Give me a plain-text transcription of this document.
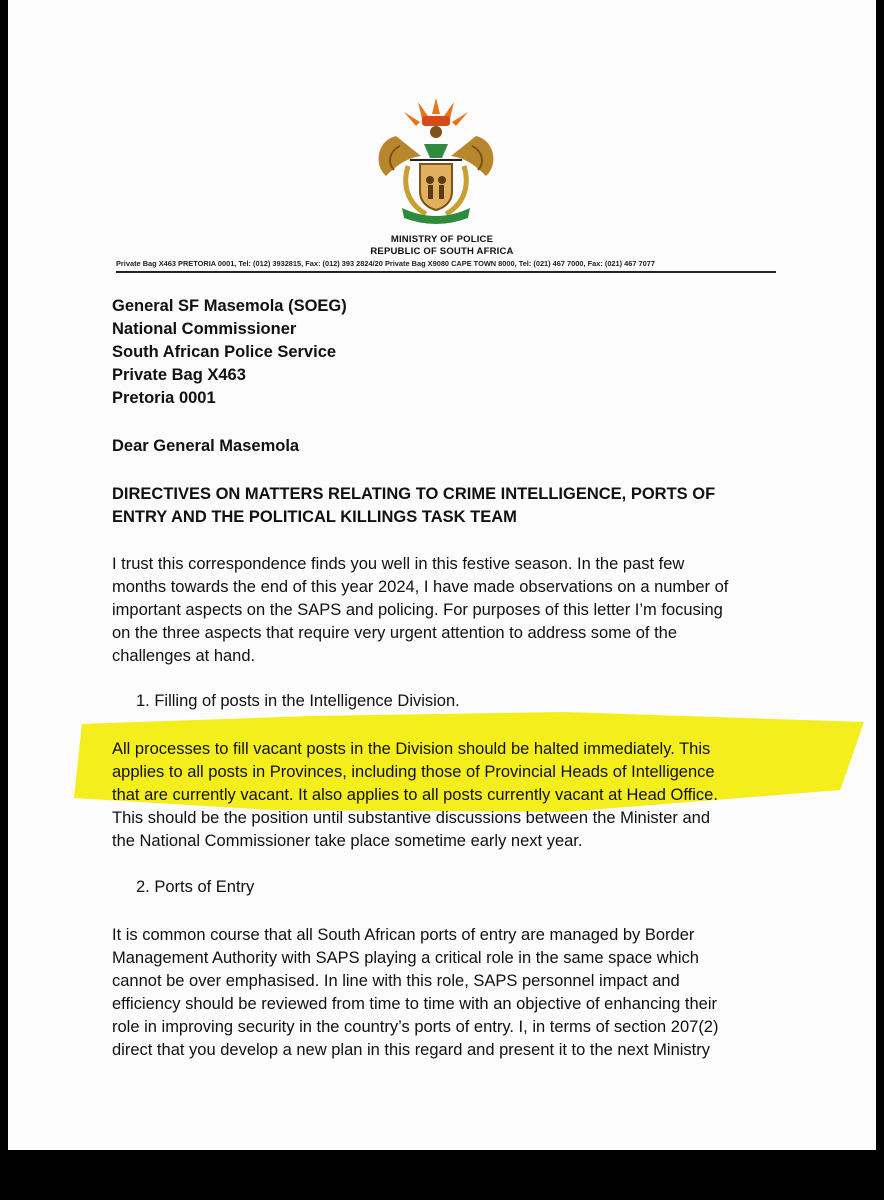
MINISTRY OF POLICE
REPUBLIC OF SOUTH AFRICA
Private Bag X463 PRETORIA 0001, Tel: (012) 3932815, Fax: (012) 393 2824/20 Private Bag X9080 CAPE TOWN 8000, Tel: (021) 467 7000, Fax: (021) 467 7077
General SF Masemola (SOEG)
National Commissioner
South African Police Service
Private Bag X463
Pretoria 0001
Dear General Masemola
DIRECTIVES ON MATTERS RELATING TO CRIME INTELLIGENCE, PORTS OF
ENTRY AND THE POLITICAL KILLINGS TASK TEAM
I trust this correspondence finds you well in this festive season. In the past few
months towards the end of this year 2024, I have made observations on a number of
important aspects on the SAPS and policing. For purposes of this letter I’m focusing
on the three aspects that require very urgent attention to address some of the
challenges at hand.
1. Filling of posts in the Intelligence Division.
All processes to fill vacant posts in the Division should be halted immediately. This
applies to all posts in Provinces, including those of Provincial Heads of Intelligence
that are currently vacant. It also applies to all posts currently vacant at Head Office.
This should be the position until substantive discussions between the Minister and
the National Commissioner take place sometime early next year.
2. Ports of Entry
It is common course that all South African ports of entry are managed by Border
Management Authority with SAPS playing a critical role in the same space which
cannot be over emphasised. In line with this role, SAPS personnel impact and
efficiency should be reviewed from time to time with an objective of enhancing their
role in improving security in the country’s ports of entry. I, in terms of section 207(2)
direct that you develop a new plan in this regard and present it to the next Ministry
